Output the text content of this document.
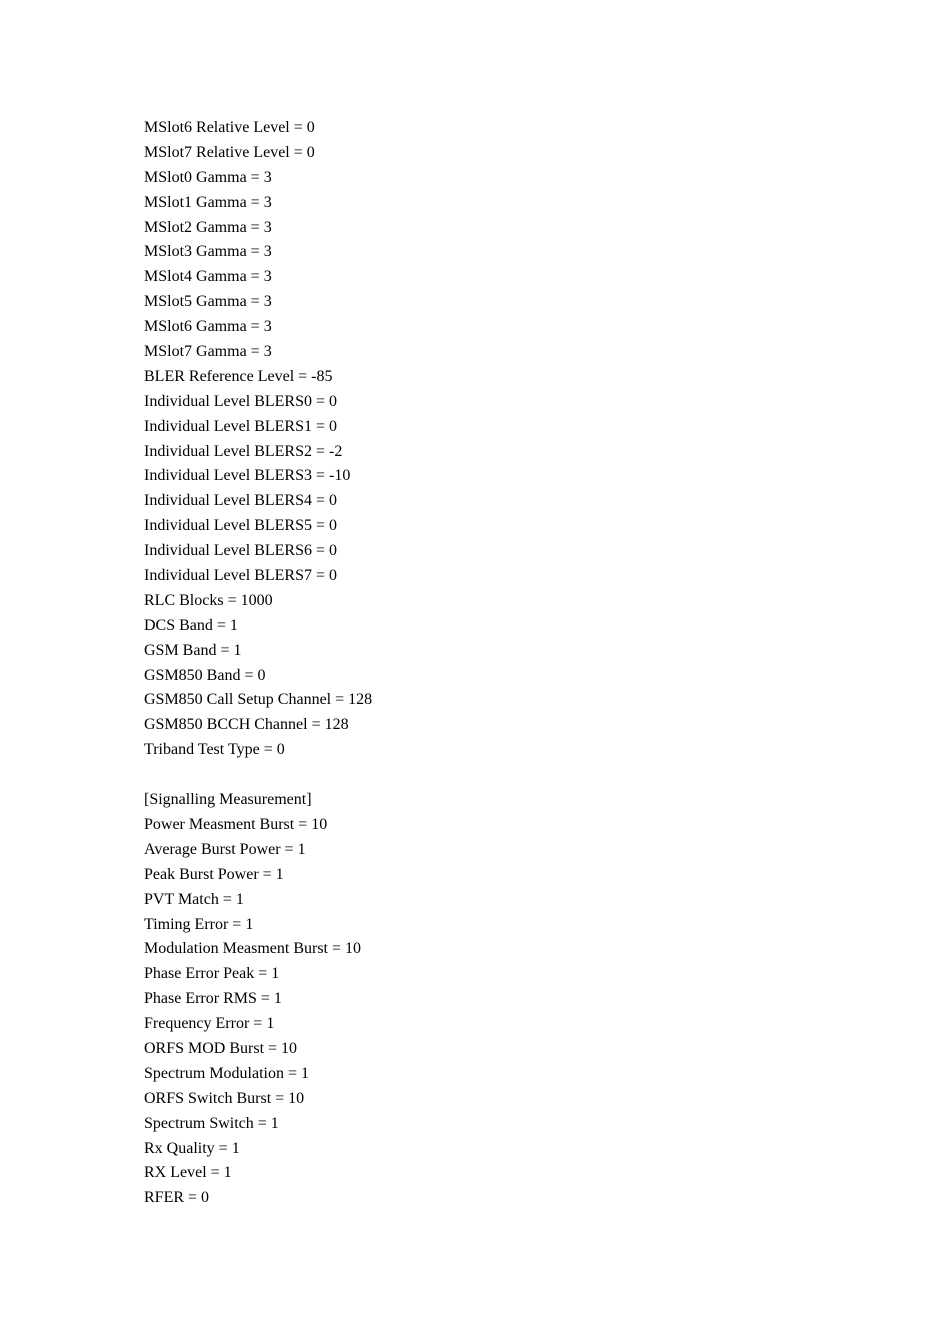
MSlot6 Relative Level = 0
MSlot7 Relative Level = 0
MSlot0 Gamma = 3
MSlot1 Gamma = 3
MSlot2 Gamma = 3
MSlot3 Gamma = 3
MSlot4 Gamma = 3
MSlot5 Gamma = 3
MSlot6 Gamma = 3
MSlot7 Gamma = 3
BLER Reference Level = -85
Individual Level BLERS0 = 0
Individual Level BLERS1 = 0
Individual Level BLERS2 = -2
Individual Level BLERS3 = -10
Individual Level BLERS4 = 0
Individual Level BLERS5 = 0
Individual Level BLERS6 = 0
Individual Level BLERS7 = 0
RLC Blocks = 1000
DCS Band = 1
GSM Band = 1
GSM850 Band = 0
GSM850 Call Setup Channel = 128
GSM850 BCCH Channel = 128
Triband Test Type = 0
[Signalling Measurement]
Power Measment Burst = 10
Average Burst Power = 1
Peak Burst Power = 1
PVT Match = 1
Timing Error = 1
Modulation Measment Burst = 10
Phase Error Peak = 1
Phase Error RMS = 1
Frequency Error = 1
ORFS MOD Burst = 10
Spectrum Modulation = 1
ORFS Switch Burst = 10
Spectrum Switch = 1
Rx Quality = 1
RX Level = 1
RFER = 0
